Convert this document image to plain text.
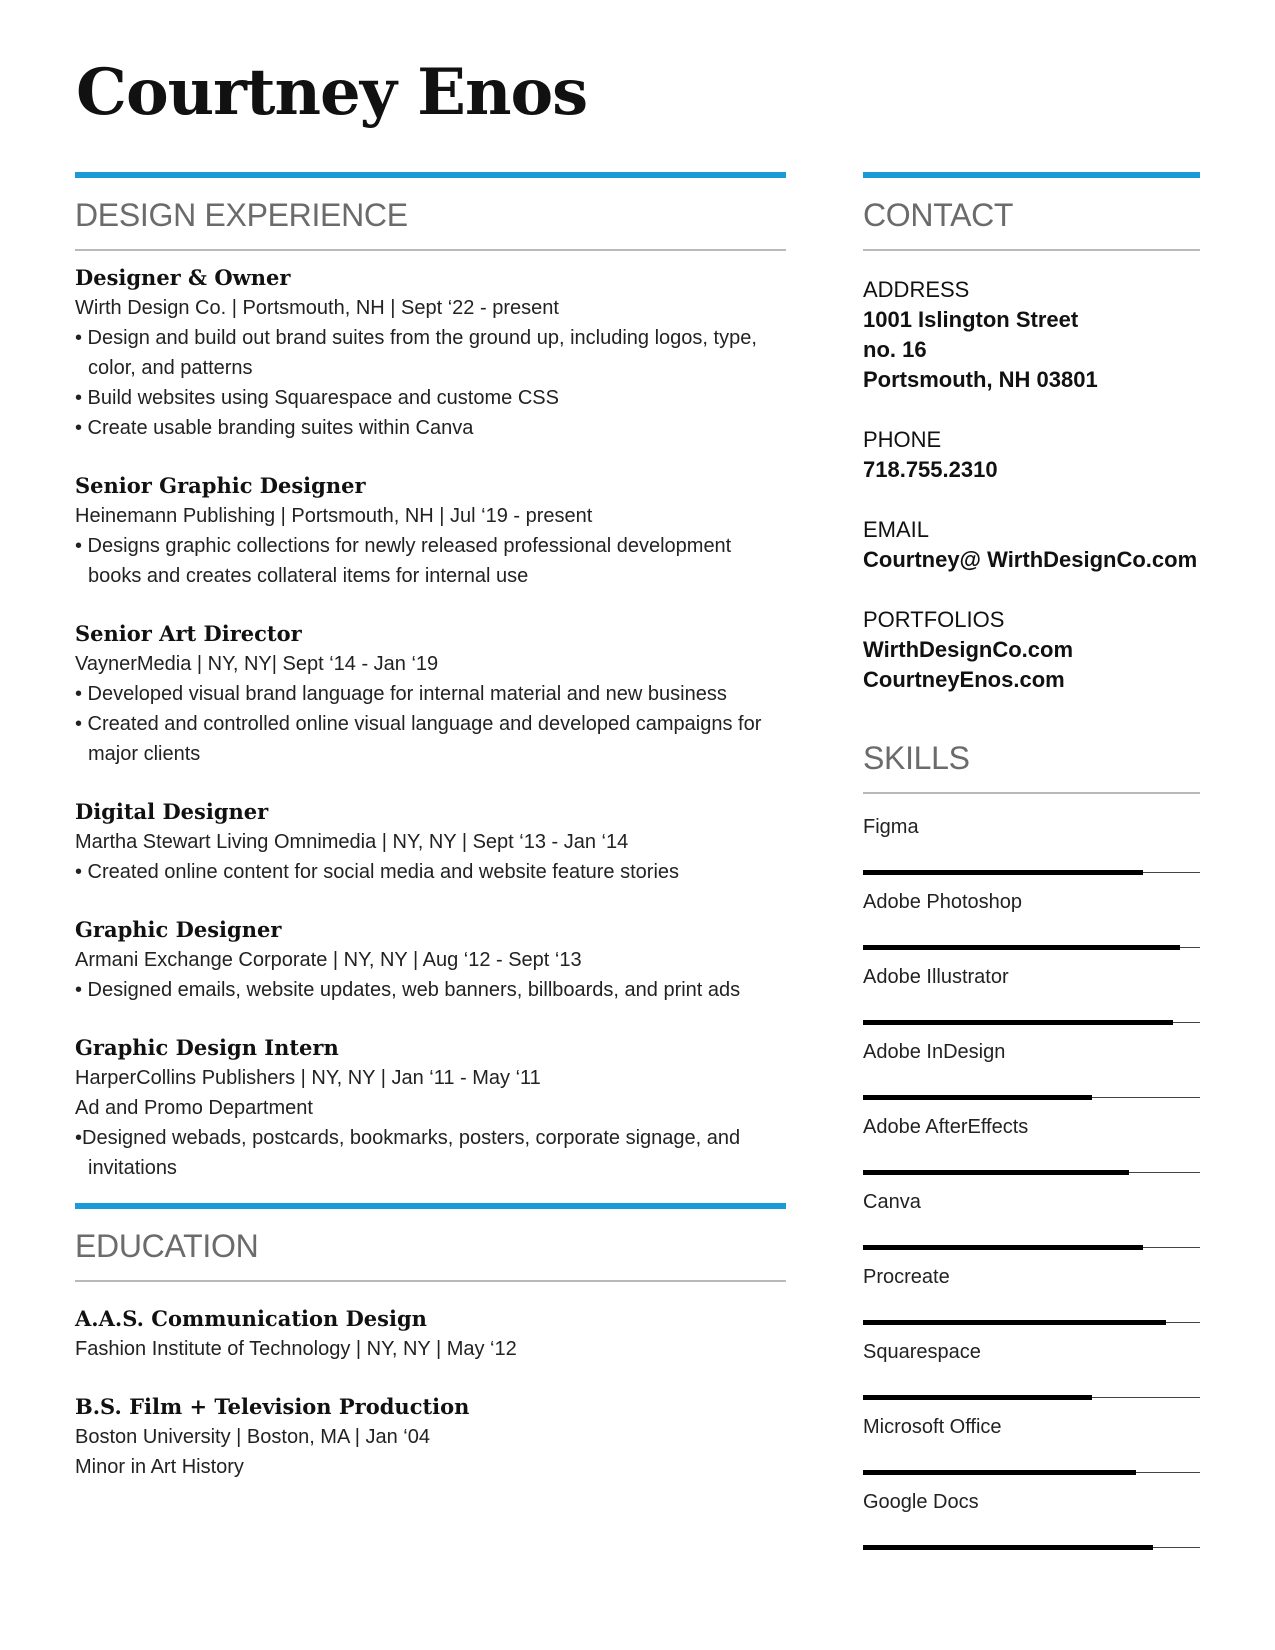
Courtney Enos
DESIGN EXPERIENCE
Designer & Owner
Wirth Design Co. | Portsmouth, NH | Sept ‘22 - present
• Design and build out brand suites from the ground up, including logos, type, color, and patterns
• Build websites using Squarespace and custome CSS
• Create usable branding suites within Canva
Senior Graphic Designer
Heinemann Publishing | Portsmouth, NH | Jul ‘19 - present
• Designs graphic collections for newly released professional development books and creates collateral items for internal use
Senior Art Director
VaynerMedia | NY, NY| Sept ‘14 - Jan ‘19
• Developed visual brand language for internal material and new business
• Created and controlled online visual language and developed campaigns for major clients
Digital Designer
Martha Stewart Living Omnimedia | NY, NY | Sept ‘13 - Jan ‘14
• Created online content for social media and website feature stories
Graphic Designer
Armani Exchange Corporate | NY, NY | Aug ‘12 - Sept ‘13
• Designed emails, website updates, web banners, billboards, and print ads
Graphic Design Intern
HarperCollins Publishers | NY, NY | Jan ‘11 - May ‘11
Ad and Promo Department
•Designed webads, postcards, bookmarks, posters, corporate signage, and invitations
EDUCATION
A.A.S. Communication Design
Fashion Institute of Technology | NY, NY | May ‘12
B.S. Film + Television Production
Boston University | Boston, MA | Jan ‘04
Minor in Art History
CONTACT
ADDRESS
1001 Islington Street
no. 16
Portsmouth, NH 03801
PHONE
718.755.2310
EMAIL
Courtney@ WirthDesignCo.com
PORTFOLIOS
WirthDesignCo.com
CourtneyEnos.com
SKILLS
Figma
Adobe Photoshop
Adobe Illustrator
Adobe InDesign
Adobe AfterEffects
Canva
Procreate
Squarespace
Microsoft Office
Google Docs
